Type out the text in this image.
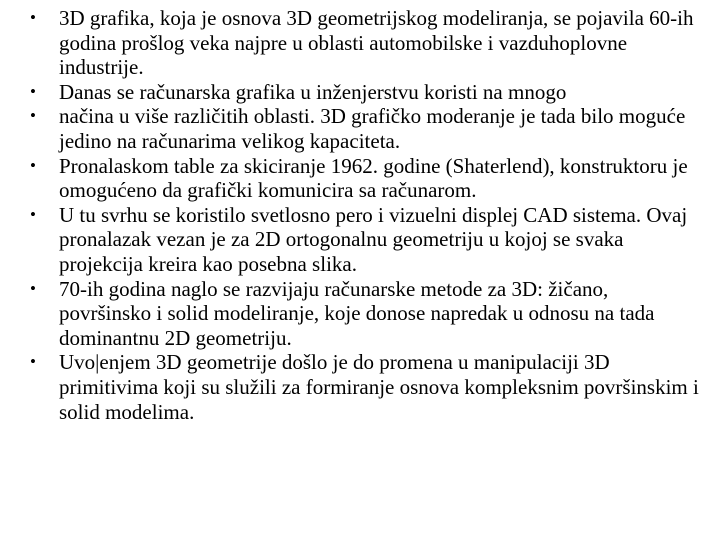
• 3D grafika, koja je osnova 3D geometrijskog modeliranja, se pojavila 60-ih godina prošlog veka najpre u oblasti automobilske i vazduhoplovne industrije.
• Danas se računarska grafika u inženjerstvu koristi na mnogo
• načina u više različitih oblasti. 3D grafičko moderanje je tada bilo moguće jedino na računarima velikog kapaciteta.
• Pronalaskom table za skiciranje 1962. godine (Shaterlend), konstruktoru je omogućeno da grafički komunicira sa računarom.
• U tu svrhu se koristilo svetlosno pero i vizuelni displej CAD sistema. Ovaj pronalazak vezan je za 2D ortogonalnu geometriju u kojoj se svaka projekcija kreira kao posebna slika.
• 70-ih godina naglo se razvijaju računarske metode za 3D: žičano, površinsko i solid modeliranje, koje donose napredak u odnosu na tada dominantnu 2D geometriju.
• Uvo|enjem 3D geometrije došlo je do promena u manipulaciji 3D primitivima koji su služili za formiranje osnova kompleksnim površinskim i solid modelima.
